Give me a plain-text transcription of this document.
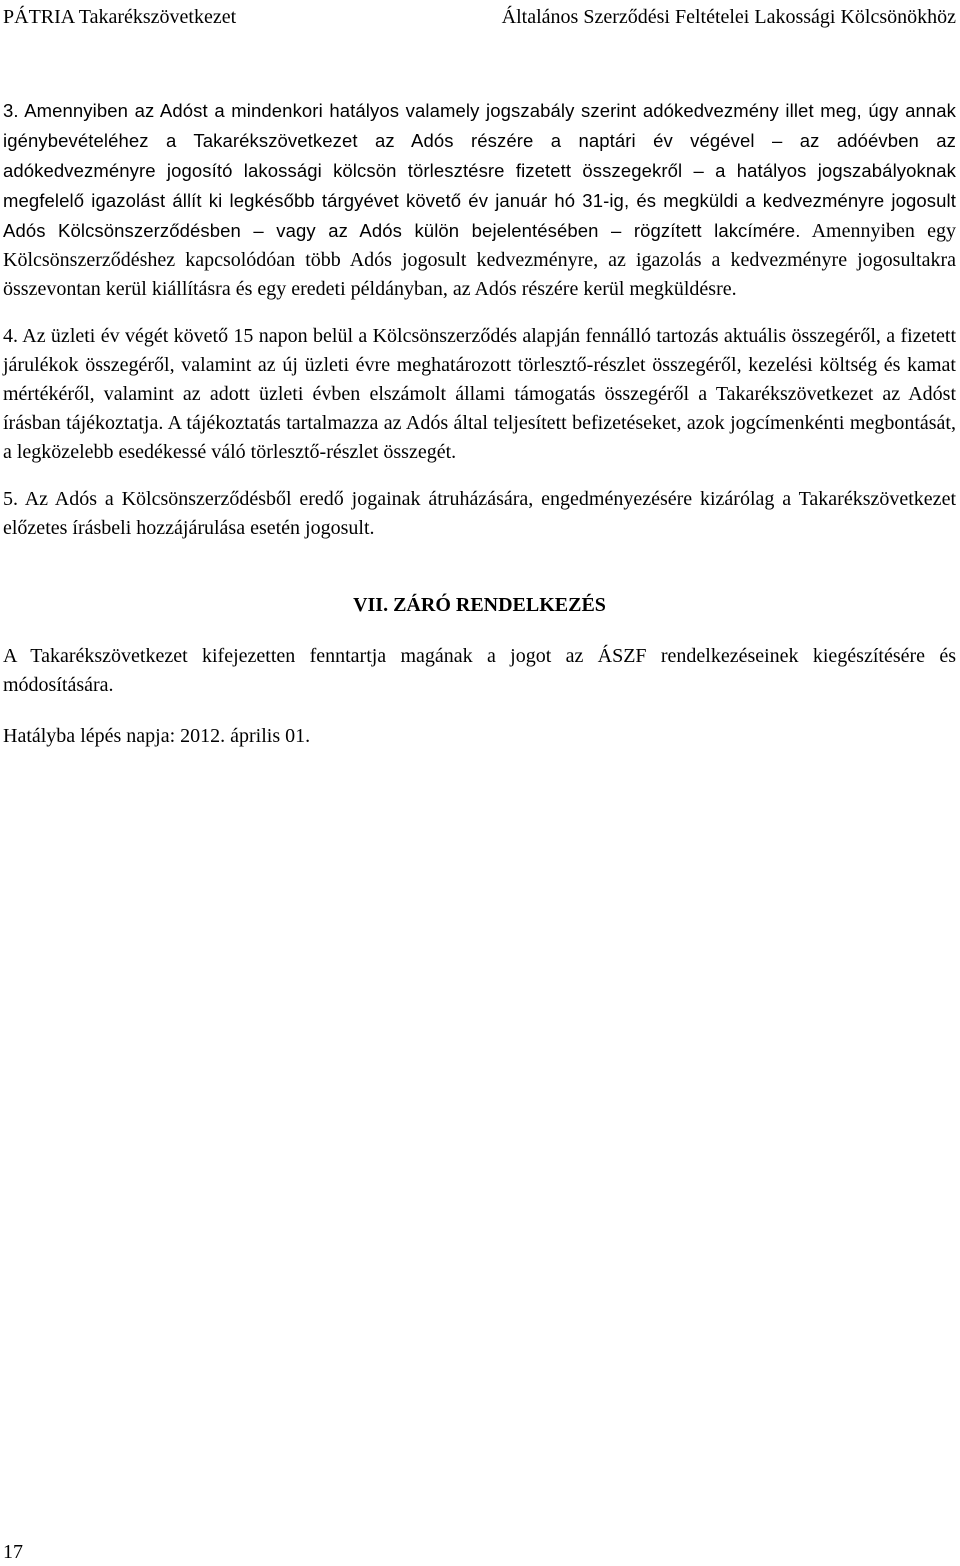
PÁTRIA Takarékszövetkezet	Általános Szerződési Feltételei Lakossági Kölcsönökhöz

3. Amennyiben az Adóst a mindenkori hatályos valamely jogszabály szerint adókedvezmény illet meg, úgy annak igénybevételéhez a Takarékszövetkezet az Adós részére a naptári év végével – az adóévben az adókedvezményre jogosító lakossági kölcsön törlesztésre fizetett összegekről – a hatályos jogszabályoknak megfelelő igazolást állít ki legkésőbb tárgyévet követő év január hó 31-ig, és megküldi a kedvezményre jogosult Adós Kölcsönszerződésben – vagy az Adós külön bejelentésében – rögzített lakcímére. Amennyiben egy Kölcsönszerződéshez kapcsolódóan több Adós jogosult kedvezményre, az igazolás a kedvezményre jogosultakra összevontan kerül kiállításra és egy eredeti példányban, az Adós részére kerül megküldésre.

4. Az üzleti év végét követő 15 napon belül a Kölcsönszerződés alapján fennálló tartozás aktuális összegéről, a fizetett járulékok összegéről, valamint az új üzleti évre meghatározott törlesztő-részlet összegéről, kezelési költség és kamat mértékéről, valamint az adott üzleti évben elszámolt állami támogatás összegéről a Takarékszövetkezet az Adóst írásban tájékoztatja. A tájékoztatás tartalmazza az Adós által teljesített befizetéseket, azok jogcímenkénti megbontását, a legközelebb esedékessé váló törlesztő-részlet összegét.

5. Az Adós a Kölcsönszerződésből eredő jogainak átruházására, engedményezésére kizárólag a Takarékszövetkezet előzetes írásbeli hozzájárulása esetén jogosult.

VII. ZÁRÓ RENDELKEZÉS

A Takarékszövetkezet kifejezetten fenntartja magának a jogot az ÁSZF rendelkezéseinek kiegészítésére és módosítására.

Hatályba lépés napja: 2012. április 01.

17
